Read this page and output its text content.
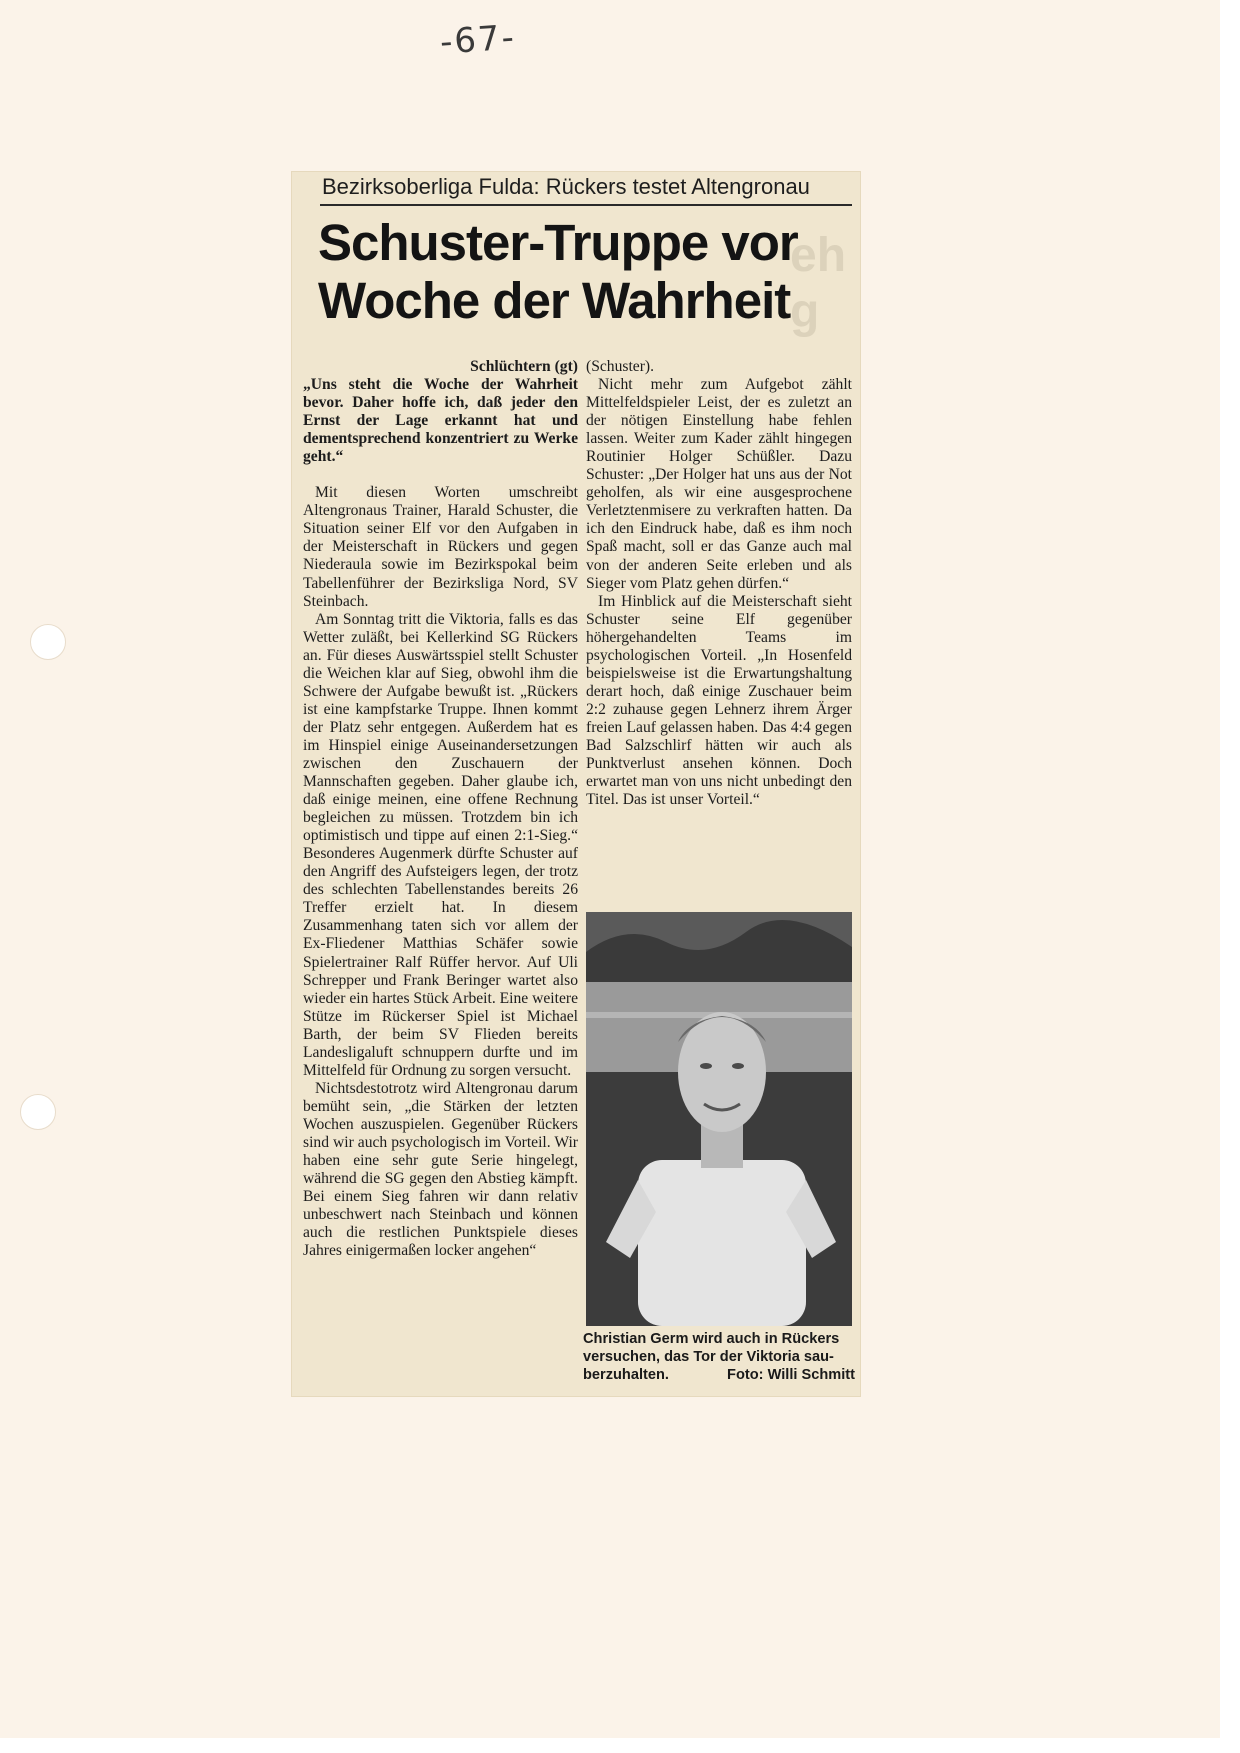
-67-
eh
g
Bezirksoberliga Fulda: Rückers testet Altengronau
Schuster-Truppe vor
Woche der Wahrheit
Schlüchtern (gt)

„Uns steht die Woche der Wahrheit bevor. Daher hoffe ich, daß jeder den Ernst der Lage erkannt hat und dementsprechend konzentriert zu Werke geht.“

Mit diesen Worten umschreibt Altengronaus Trainer, Harald Schuster, die Situation seiner Elf vor den Aufgaben in der Meisterschaft in Rückers und gegen Niederaula sowie im Bezirkspokal beim Tabellenführer der Bezirksliga Nord, SV Steinbach.

Am Sonntag tritt die Viktoria, falls es das Wetter zuläßt, bei Kellerkind SG Rückers an. Für dieses Auswärtsspiel stellt Schuster die Weichen klar auf Sieg, obwohl ihm die Schwere der Aufgabe bewußt ist. „Rückers ist eine kampfstarke Truppe. Ihnen kommt der Platz sehr entgegen. Außerdem hat es im Hinspiel einige Auseinandersetzungen zwischen den Zuschauern der Mannschaften gegeben. Daher glaube ich, daß einige meinen, eine offene Rechnung begleichen zu müssen. Trotzdem bin ich optimistisch und tippe auf einen 2:1-Sieg.“ Besonderes Augenmerk dürfte Schuster auf den Angriff des Aufsteigers legen, der trotz des schlechten Tabellenstandes bereits 26 Treffer erzielt hat. In diesem Zusammenhang taten sich vor allem der Ex-Fliedener Matthias Schäfer sowie Spielertrainer Ralf Rüffer hervor. Auf Uli Schrepper und Frank Beringer wartet also wieder ein hartes Stück Arbeit. Eine weitere Stütze im Rückerser Spiel ist Michael Barth, der beim SV Flieden bereits Landesligaluft schnuppern durfte und im Mittelfeld für Ordnung zu sorgen versucht.

Nichtsdestotrotz wird Altengronau darum bemüht sein, „die Stärken der letzten Wochen auszuspielen. Gegenüber Rückers sind wir auch psychologisch im Vorteil. Wir haben eine sehr gute Serie hingelegt, während die SG gegen den Abstieg kämpft. Bei einem Sieg fahren wir dann relativ unbeschwert nach Steinbach und können auch die restlichen Punktspiele dieses Jahres einigermaßen locker angehen“

(Schuster).

Nicht mehr zum Aufgebot zählt Mittelfeldspieler Leist, der es zuletzt an der nötigen Einstellung habe fehlen lassen. Weiter zum Kader zählt hingegen Routinier Holger Schüßler. Dazu Schuster: „Der Holger hat uns aus der Not geholfen, als wir eine ausgesprochene Verletztenmisere zu verkraften hatten. Da ich den Eindruck habe, daß es ihm noch Spaß macht, soll er das Ganze auch mal von der anderen Seite erleben und als Sieger vom Platz gehen dürfen.“

Im Hinblick auf die Meisterschaft sieht Schuster seine Elf gegenüber höhergehandelten Teams im psychologischen Vorteil. „In Hosenfeld beispielsweise ist die Erwartungshaltung derart hoch, daß einige Zuschauer beim 2:2 zuhause gegen Lehnerz ihrem Ärger freien Lauf gelassen haben. Das 4:4 gegen Bad Salzschlirf hätten wir auch als Punktverlust ansehen können. Doch erwartet man von uns nicht unbedingt den Titel. Das ist unser Vorteil.“

Christian Germ wird auch in Rückers
versuchen, das Tor der Viktoria sau-
berzuhalten.	Foto: Willi Schmitt
